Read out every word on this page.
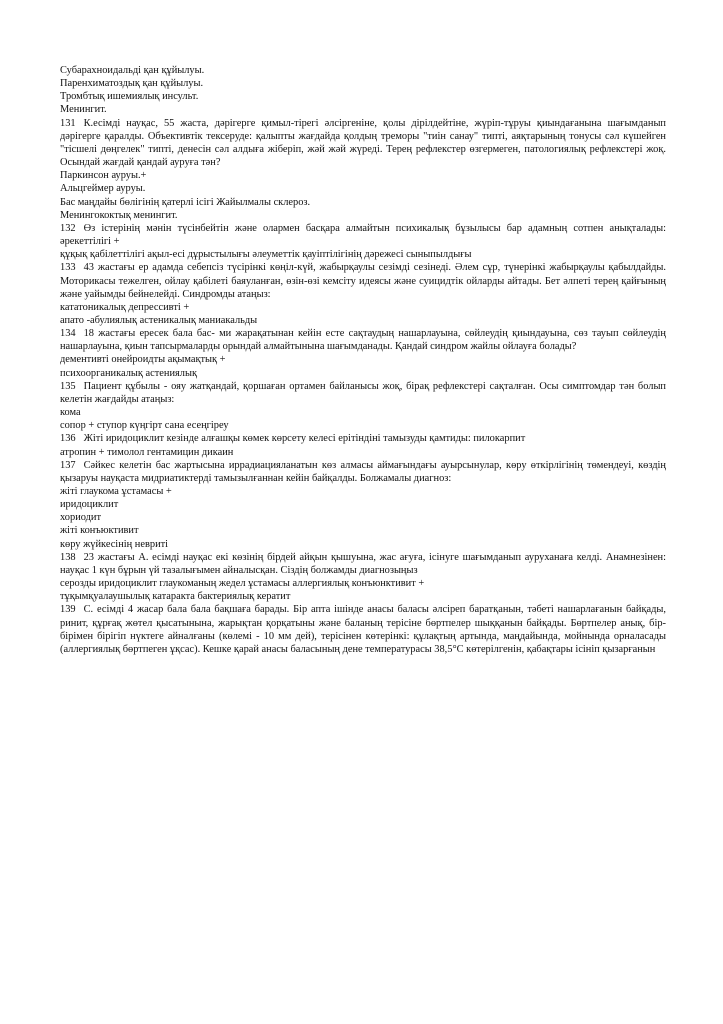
Субарахноидальді қан құйылуы.
Паренхиматоздық қан құйылуы.
Тромбтық ишемиялық инсульт.
Менингит.
131 К.есімді науқас, 55 жаста, дәрігерге қимыл-тірегі әлсіргеніне, қолы дірілдейтіне, жүріп-тұруы қиындағанына шағымданып дәрігерге қаралды. Объективтік тексеруде: қалыпты жағдайда қолдың треморы "тиін санау" типті, аяқтарының тонусы сәл күшейген "тісшелі дөңгелек" типті, денесін сәл алдыға жіберіп, жәй жәй жүреді. Терең рефлекстер өзгермеген, патологиялық рефлекстері жоқ. Осындай жағдай қандай ауруға тән?
Паркинсон ауруы.+
Альцгеймер ауруы.
Бас маңдайы бөлігінің қатерлі ісігі Жайылмалы склероз.
Менингококтық менингит.
132 Өз істерінің мәнін түсінбейтін және олармен басқара алмайтын психикалық бұзылысы бар адамның сотпен анықталады: әрекеттілігі +
құқық қабілеттілігі ақыл-есі дұрыстылығы әлеуметтік қауіптілігінің дәрежесі сыныпылдығы
133 43 жастағы ер адамда себепсіз түсірінкі көңіл-күй, жабырқаулы сезімді сезінеді. Әлем сұр, түнерінкі жабырқаулы қабылдайды. Моторикасы тежелген, ойлау қабілеті баяуланған, өзін-өзі кемсіту идеясы және суицидтік ойларды айтады. Бет әлпеті терең қайғының және уайымды бейнелейді. Синдромды атаңыз:
кататоникалық депрессивті +
апато -абулиялық астеникалық маниакальды
134 18 жастағы ересек бала бас- ми жарақатынан кейін есте сақтаудың нашарлауына, сөйлеудің қиындауына, сөз тауып сөйлеудің нашарлауына, қиын тапсырмаларды орындай алмайтынына шағымданады. Қандай синдром жайлы ойлауға болады?
дементивті онейроидты ақымақтық +
психоорганикалық астениялық
135 Пациент құбылы - ояу жатқандай, қоршаған ортамен байланысы жоқ, бірақ рефлекстері сақталған. Осы симптомдар тән болып келетін жағдайды атаңыз:
кома
сопор + ступор күңгірт сана есеңгіреу
136 Жіті иридоциклит кезінде алғашқы көмек көрсету келесі ерітіндіні тамызуды қамтиды: пилокарпит
атропин + тимолол гентамицин дикаин
137 Сәйкес келетін бас жартысына иррадиацияланатын көз алмасы аймағындағы ауырсынулар, көру өткірлігінің төмендеуі, көздің қызаруы науқаста мидриатиктерді тамызылғаннан кейін байқалды. Болжамалы диагноз:
жіті глаукома ұстамасы +
иридоциклит
хориодит
жіті конъюктивит
көру жүйкесінің невриті
138 23 жастағы А. есімді науқас екі көзінің бірдей айқын қышуына, жас ағуға, ісінуге шағымданып ауруханаға келді. Анамнезінен: науқас 1 күн бұрын үй тазалығымен айналысқан. Сіздің болжамды диагнозыңыз
серозды иридоциклит глаукоманың жедел ұстамасы аллергиялық конъюнктивит +
тұқымқуалаушылық катаракта бактериялық кератит
139 С. есімді 4 жасар бала бала бақшаға барады. Бір апта ішінде анасы баласы әлсіреп баратқанын, тәбеті нашарлағанын байқады, ринит, құрғақ жөтел қысатынына, жарықтан қорқатыны және баланың терісіне бөртпелер шыққанын байқады. Бөртпелер анық, бір-бірімен бірігіп нүктеге айналғаны (көлемі - 10 мм дей), терісінен көтерінкі: құлақтың артында, маңдайында, мойнында орналасады (аллергиялық бөртпеген ұқсас). Кешке қарай анасы баласының дене температурасы 38,5°С көтерілгенін, қабақтары ісініп қызарғанын
